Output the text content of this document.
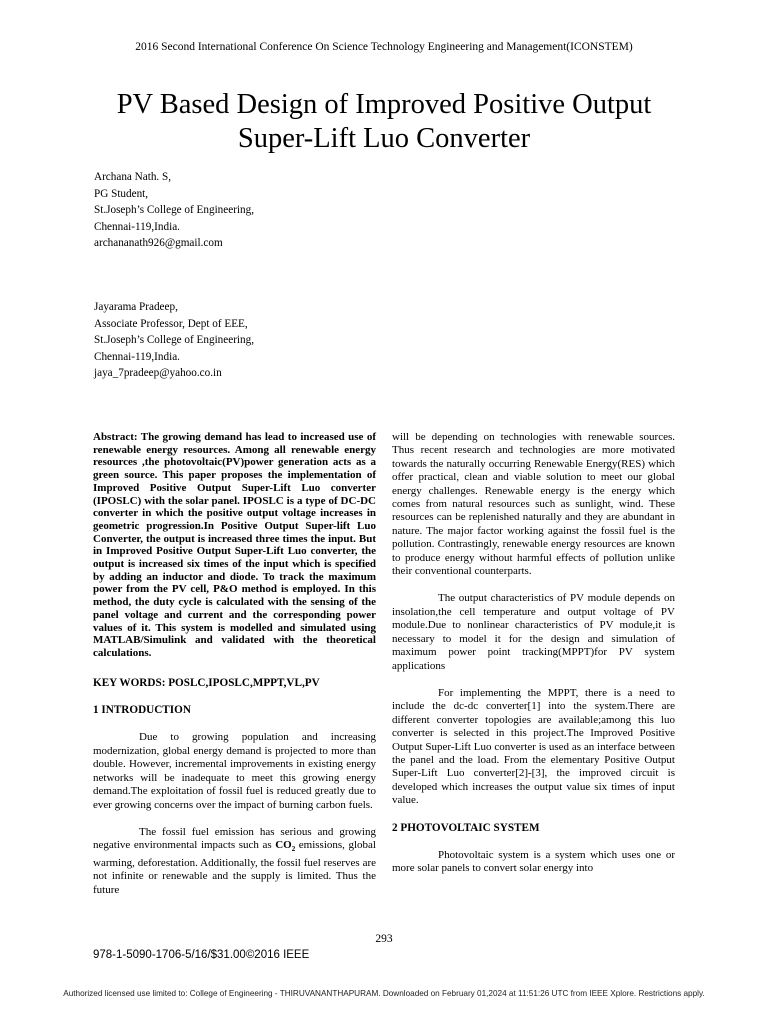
2016 Second International Conference On Science Technology Engineering and Management(ICONSTEM)
PV Based Design of Improved Positive Output
Super-Lift Luo Converter
Archana Nath. S,
PG Student,
St.Joseph’s College of Engineering,
Chennai-119,India.
archananath926@gmail.com
Jayarama Pradeep,
Associate Professor, Dept of EEE,
St.Joseph’s College of Engineering,
Chennai-119,India.
jaya_7pradeep@yahoo.co.in

Abstract: The growing demand has lead to increased use of renewable energy resources. Among all renewable energy resources ,the photovoltaic(PV)power generation acts as a green source. This paper proposes the implementation of Improved Positive Output Super-Lift Luo converter (IPOSLC) with the solar panel. IPOSLC is a type of DC-DC converter in which the positive output voltage increases in geometric progression.In Positive Output Super-lift Luo Converter, the output is increased three times the input. But in Improved Positive Output Super-Lift Luo converter, the output is increased six times of the input which is specified by adding an inductor and diode. To track the maximum power from the PV cell, P&O method is employed. In this method, the duty cycle is calculated with the sensing of the panel voltage and current and the corresponding power values of it. This system is modelled and simulated using MATLAB/Simulink and validated with the theoretical calculations.

KEY WORDS: POSLC,IPOSLC,MPPT,VL,PV

1 INTRODUCTION

Due to growing population and increasing modernization, global energy demand is projected to more than double. However, incremental improvements in existing energy networks will be inadequate to meet this growing energy demand.The exploitation of fossil fuel is reduced greatly due to ever growing concerns over the impact of burning carbon fuels.

The fossil fuel emission has serious and growing negative environmental impacts such as $CO_2$ emissions, global warming, deforestation. Additionally, the fossil fuel reserves are not infinite or renewable and the supply is limited. Thus the future

will be depending on technologies with renewable sources. Thus recent research and technologies are more motivated towards the naturally occurring Renewable Energy(RES) which offer practical, clean and viable solution to meet our global energy challenges. Renewable energy is the energy which comes from natural resources such as sunlight, wind. These resources can be replenished naturally and they are abundant in nature. The major factor working against the fossil fuel is the pollution. Contrastingly, renewable energy resources are known to produce energy without harmful effects of pollution unlike their conventional counterparts.

The output characteristics of PV module depends on insolation,the cell temperature and output voltage of PV module.Due to nonlinear characteristics of PV module,it is necessary to model it for the design and simulation of maximum power point tracking(MPPT)for PV system applications

For implementing the MPPT, there is a need to include the dc-dc converter[1] into the system.There are different converter topologies are available;among this luo converter is selected in this project.The Improved Positive Output Super-Lift Luo converter is used as an interface between the panel and the load. From the elementary Positive Output Super-Lift Luo converter[2]-[3], the improved circuit is developed which increases the output value six times of input value.

2 PHOTOVOLTAIC SYSTEM

Photovoltaic system is a system which uses one or more solar panels to convert solar energy into

293
978-1-5090-1706-5/16/$31.00©2016 IEEE
Authorized licensed use limited to: College of Engineering - THIRUVANANTHAPURAM. Downloaded on February 01,2024 at 11:51:26 UTC from IEEE Xplore. Restrictions apply.
